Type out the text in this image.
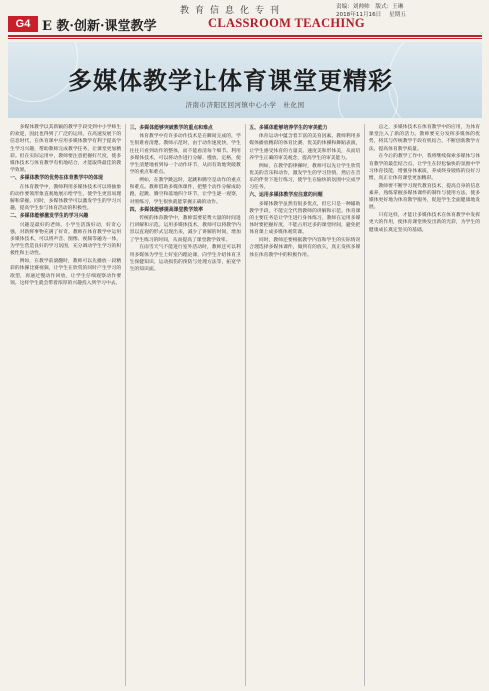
教育信息化专刊	责编：刘帅帅 版式：王琳
2018年11月16日 星期五
G4 E 教·创新·课堂教学	CLASSROOM TEACHING
多媒体教学让体育课堂更精彩
济南市济阳区回河镇中心小学　杜化国

多媒体教学以其新颖的教学手段受到中小学师生的欢迎，因此也得到了广泛的运用。在高速发展下的信息时代，在体育课中应用多媒体教学有利于提高学生学习兴趣，帮助教师完成教学任务，让课堂更加精彩。但在实际运用中，教师要注意把握好尺度，使多媒体技术与体育教学有机地结合，才能取得最佳的教学效果。

一、多媒体教学的优势在体育教学中的体现

在体育教学中，教师利用多媒体技术可以将抽象的动作要领形象直观地展示给学生，使学生更容易理解和掌握。同时，多媒体教学可以激发学生的学习兴趣，提高学生参与体育活动的积极性。

二、多媒体能够激发学生的学习兴趣

兴趣是最好的老师。小学生活泼好动，好奇心强，对新鲜事物充满了好奇。教师在体育教学中运用多媒体技术，可以将声音、图像、视频等融为一体，为学生营造良好的学习氛围，充分调动学生学习的积极性和主动性。

例如，在教学前滚翻时，教师可以先播放一段精彩的体操比赛视频，让学生在欣赏的同时产生学习的欲望，再通过慢动作回放，让学生仔细观察动作要领。这样学生就会带着浓厚的兴趣投入到学习中去。

三、多媒体能够突破教学的重点和难点

体育教学中有许多动作技术是在瞬间完成的，学生很难看清楚。教师示范时，由于动作速度快，学生往往只看到动作的整体，而不能看清每个细节。利用多媒体技术，可以将动作进行分解、慢放、定格，使学生清楚地看到每一个动作环节，从而有效地突破教学的重点和难点。

例如，在教学跳远时，起跳和腾空是动作的重点和难点。教师借助多媒体课件，把整个动作分解成助跑、起跳、腾空和落地四个环节，让学生逐一观察，对照练习，学生很快就能掌握正确的动作。

四、多媒体能够提高课堂教学效率

传统的体育教学中，教师需要花费大量的时间进行讲解和示范。运用多媒体技术，教师可以将教学内容以直观的形式呈现出来，减少了讲解的时间，增加了学生练习的时间，从而提高了课堂教学效率。

在雨雪天气不能进行室外活动时，教师还可以利用多媒体为学生上好室内理论课，向学生介绍体育卫生保健知识、运动损伤的预防与处理方法等，拓宽学生的知识面。

五、多媒体能够培养学生的审美能力

体育运动中蕴含着丰富的美育因素。教师利用多媒体播放精彩的体育比赛、优美的体操和舞蹈表演，让学生感受体育的力量美、速度美和形体美，从而培养学生正确的审美观念，提高学生的审美能力。

例如，在教学韵律操时，教师可以先让学生欣赏优美的音乐和动作，激发学生的学习热情，然后在音乐的伴奏下进行练习，使学生在愉快的氛围中完成学习任务。

六、运用多媒体教学应注意的问题

多媒体教学虽然有很多优点，但它只是一种辅助教学手段，不能完全代替教师的讲解和示范。体育课的主要任务是让学生进行身体练习，教师在运用多媒体时要把握好度，不能占用过多的课堂时间，避免把体育课上成多媒体观赏课。

同时，教师还要根据教学内容和学生的实际情况合理选择多媒体课件，做到有的放矢，真正发挥多媒体在体育教学中的积极作用。

总之，多媒体技术在体育教学中的应用，为体育课堂注入了新的活力。教师要充分发挥多媒体的优势，将其与传统教学手段有机结合，不断创新教学方法，提高体育教学质量。

在今后的教学工作中，我将继续探索多媒体与体育教学的最佳结合点，让学生在轻松愉快的氛围中学习体育技能，增强身体素质，养成终身锻炼的良好习惯，真正让体育课堂更加精彩。

教师要不断学习现代教育技术，提高自身的信息素养，熟练掌握多媒体课件的制作与使用方法，使多媒体更好地为体育教学服务，促进学生全面健康地发展。

只有这样，才能让多媒体技术在体育教学中发挥更大的作用，使体育课堂焕发出新的光彩，为学生的健康成长奠定坚实的基础。
